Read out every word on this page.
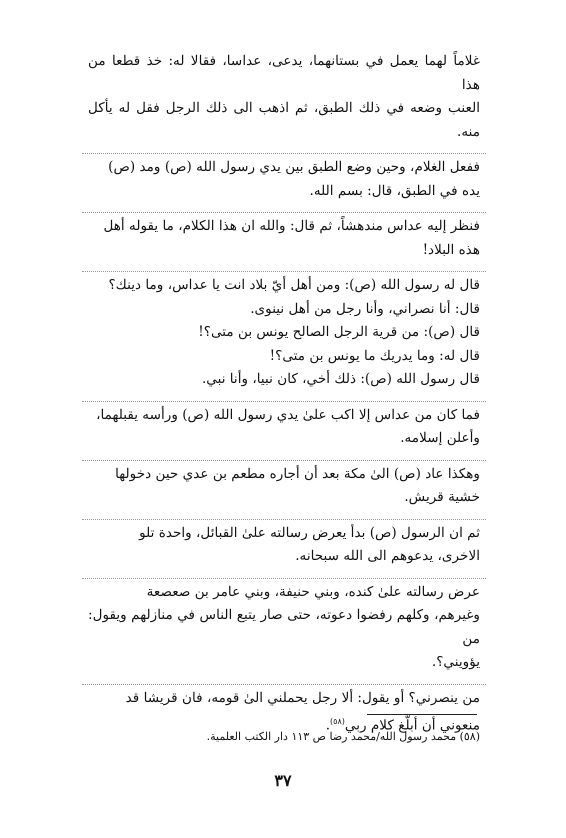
غلاماً لهما يعمل في بستانهما، يدعى، عداسا، فقالا له: خذ قطعا من هذا
العنب وضعه في ذلك الطبق، ثم اذهب الى ذلك الرجل فقل له يأكل منه.

ففعل الغلام، وحين وضع الطبق بين يدي رسول الله (ص) ومد (ص)
يده في الطبق، قال: بسم الله.

فنظر إليه عداس مندهشاً، ثم قال: والله ان هذا الكلام، ما يقوله أهل
هذه البلاد!

قال له رسول الله (ص): ومن أهل أيّ بلاد انت يا عداس، وما دينك؟
قال: أنا نصراني، وأنا رجل من أهل نينوى.
قال (ص): من قرية الرجل الصالح يونس بن متى؟!
قال له: وما يدريك ما يونس بن متى؟!
قال رسول الله (ص): ذلك أخي، كان نبيا، وأنا نبي.

فما كان من عداس إلا اكب علىٰ يدي رسول الله (ص) ورأسه يقبلهما،
وأعلن إسلامه.

وهكذا عاد (ص) الىٰ مكة بعد أن أجاره مطعم بن عدي حين دخولها
خشية قريش.

ثم ان الرسول (ص) بدأ يعرض رسالته علىٰ القبائل، واحدة تلو
الاخرى، يدعوهم الى الله سبحانه.

عرض رسالته علىٰ كنده، وبني حنيفة، وبني عامر بن صعصعة
وغيرهم، وكلهم رفضوا دعوته، حتى صار يتبع الناس في منازلهم ويقول: من
يؤويني؟.

من ينصرني؟ أو يقول: ألا رجل يحملني الىٰ قومه، فان قريشا قد
منعوني أن أبلّغ كلام ربي$^{(٥٨)}$.

(٥٨) محمد رسول الله/محمد رضا ص ١١٣ دار الكتب العلمية.
٣٧
